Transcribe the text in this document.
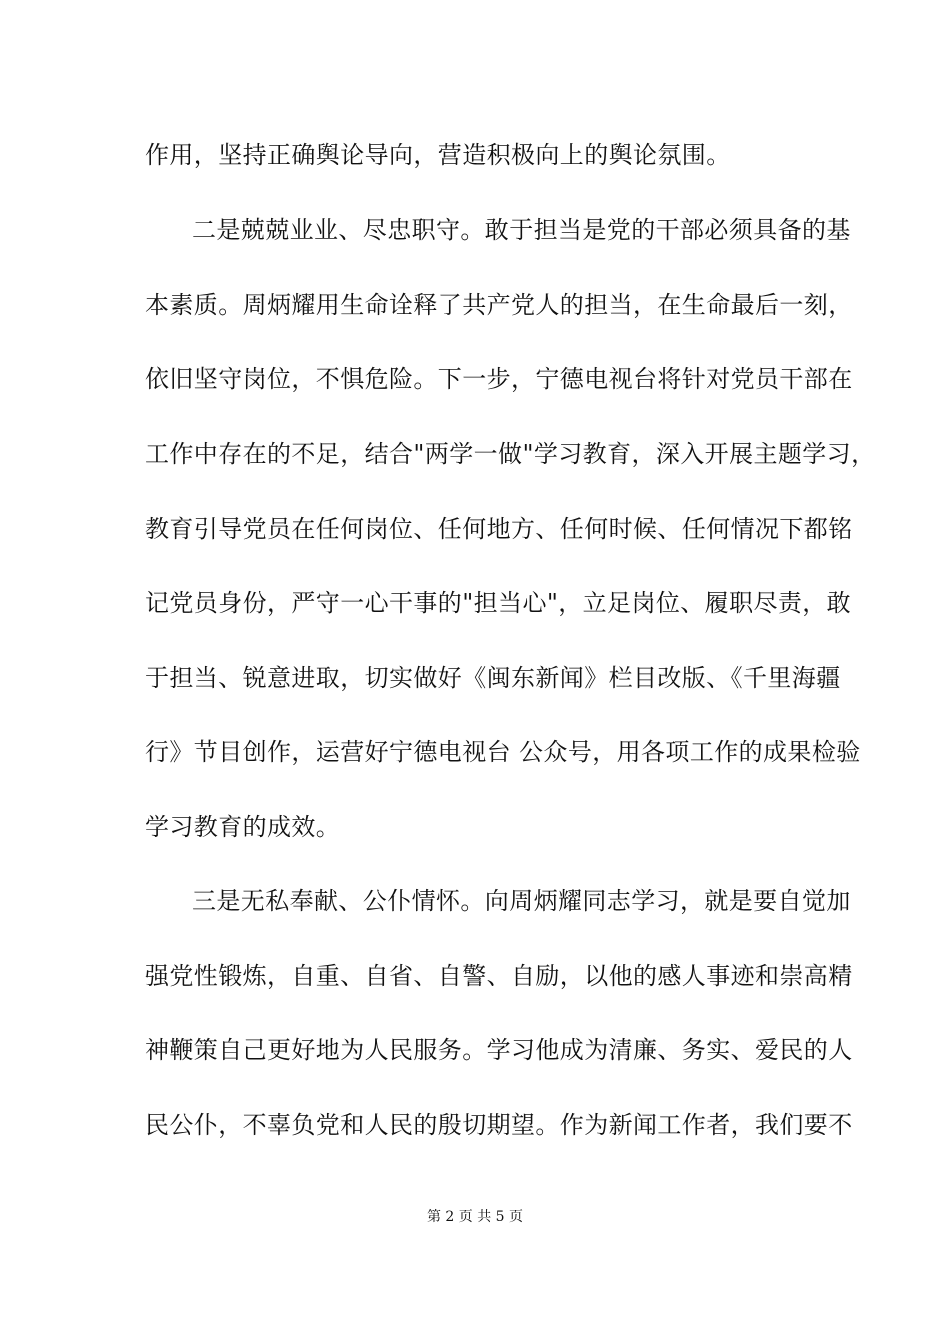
作用，坚持正确舆论导向，营造积极向上的舆论氛围。
二是兢兢业业、尽忠职守。敢于担当是党的干部必须具备的基
本素质。周炳耀用生命诠释了共产党人的担当，在生命最后一刻，
依旧坚守岗位，不惧危险。下一步，宁德电视台将针对党员干部在
工作中存在的不足，结合"两学一做"学习教育，深入开展主题学习，
教育引导党员在任何岗位、任何地方、任何时候、任何情况下都铭
记党员身份，严守一心干事的"担当心"，立足岗位、履职尽责，敢
于担当、锐意进取，切实做好《闽东新闻》栏目改版、《千里海疆
行》节目创作，运营好宁德电视台 公众号，用各项工作的成果检验
学习教育的成效。
三是无私奉献、公仆情怀。向周炳耀同志学习，就是要自觉加
强党性锻炼，自重、自省、自警、自励，以他的感人事迹和崇高精
神鞭策自己更好地为人民服务。学习他成为清廉、务实、爱民的人
民公仆，不辜负党和人民的殷切期望。作为新闻工作者，我们要不
第 2 页 共 5 页
